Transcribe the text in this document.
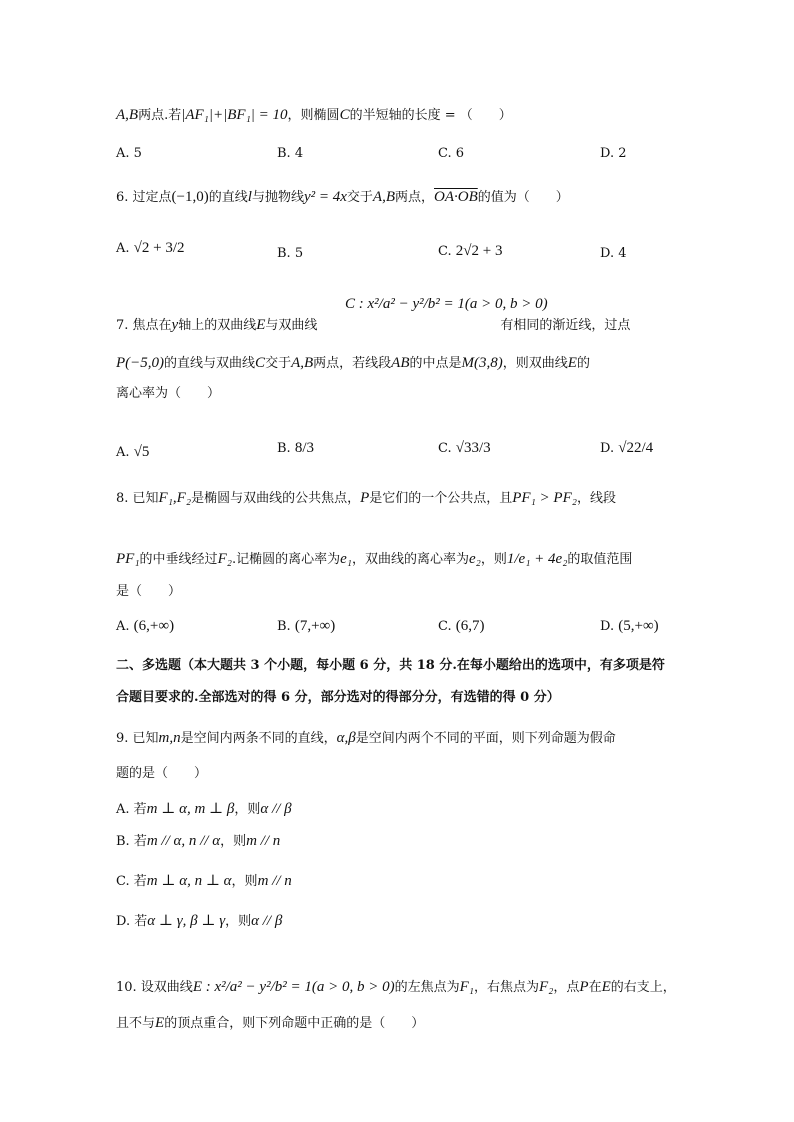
A,B两点.若|AF₁|+|BF₁| = 10，则椭圆C的半短轴的长度 = （　　）
A. 5	B. 4	C. 6	D. 2
6. 过定点(−1,0)的直线l与抛物线y² = 4x交于A,B两点，OA·OB的值为（　　）
A. √2 + 3/2	B. 5	C. 2√2 + 3	D. 4
C : x²/a² − y²/b² = 1(a > 0, b > 0)
7. 焦点在y轴上的双曲线E与双曲线	有相同的渐近线，过点
P(−5,0)的直线与双曲线C交于A,B两点，若线段AB的中点是M(3,8)，则双曲线E的
离心率为（　　）
A. √5	B. 8/3	C. √33/3	D. √22/4
8. 已知F₁,F₂是椭圆与双曲线的公共焦点，P是它们的一个公共点，且PF₁ > PF₂，线段
PF₁的中垂线经过F₂.记椭圆的离心率为e₁，双曲线的离心率为e₂，则1/e₁ + 4e₂的取值范围
是（　　）
A. (6,+∞)	B. (7,+∞)	C. (6,7)	D. (5,+∞)
二、多选题（本大题共 3 个小题，每小题 6 分，共 18 分.在每小题给出的选项中，有多项是符
合题目要求的.全部选对的得 6 分，部分选对的得部分分，有选错的得 0 分）
9. 已知m,n是空间内两条不同的直线，α,β是空间内两个不同的平面，则下列命题为假命
题的是（　　）
A. 若m ⊥ α, m ⊥ β，则α // β
B. 若m // α, n // α，则m // n
C. 若m ⊥ α, n ⊥ α，则m // n
D. 若α ⊥ γ, β ⊥ γ，则α // β
10. 设双曲线E : x²/a² − y²/b² = 1(a > 0, b > 0)的左焦点为F₁，右焦点为F₂，点P在E的右支上，
且不与E的顶点重合，则下列命题中正确的是（　　）
